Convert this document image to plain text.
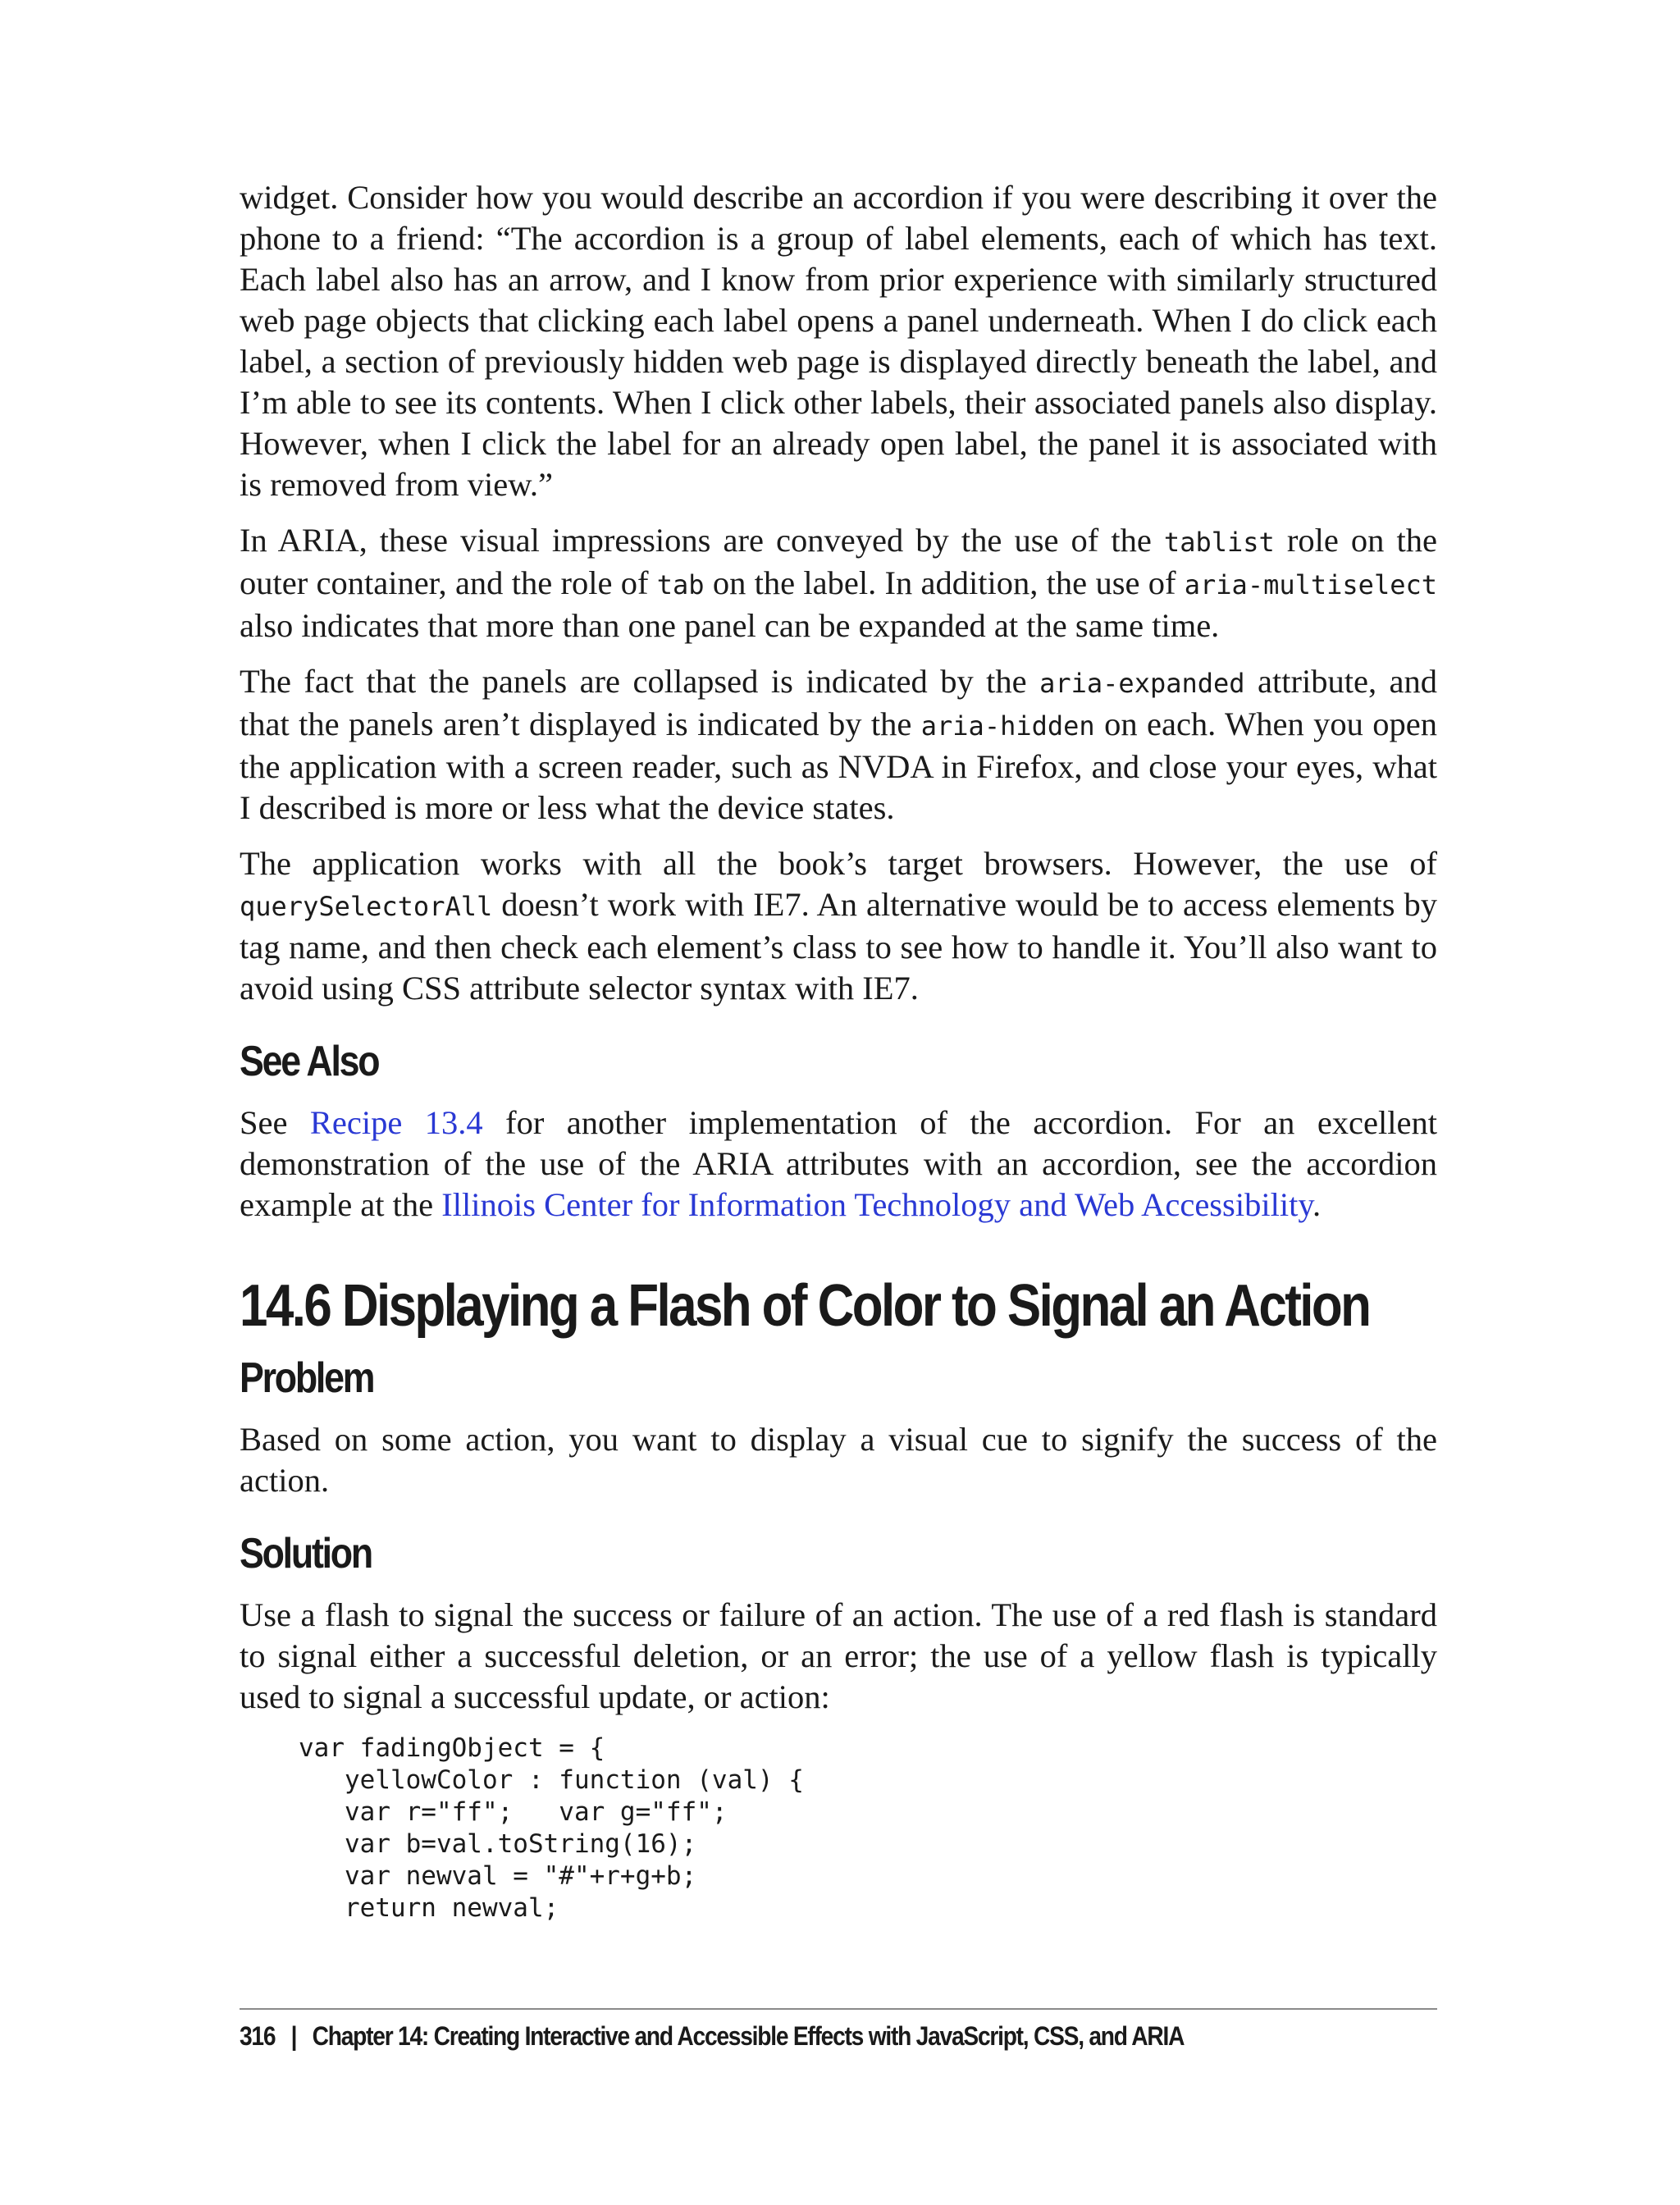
widget. Consider how you would describe an accordion if you were describing it over the phone to a friend: “The accordion is a group of label elements, each of which has text. Each label also has an arrow, and I know from prior experience with similarly structured web page objects that clicking each label opens a panel underneath. When I do click each label, a section of previously hidden web page is displayed directly beneath the label, and I’m able to see its contents. When I click other labels, their associated panels also display. However, when I click the label for an already open label, the panel it is associated with is removed from view.”

In ARIA, these visual impressions are conveyed by the use of the tablist role on the outer container, and the role of tab on the label. In addition, the use of aria-multiselect also indicates that more than one panel can be expanded at the same time.

The fact that the panels are collapsed is indicated by the aria-expanded attribute, and that the panels aren’t displayed is indicated by the aria-hidden on each. When you open the application with a screen reader, such as NVDA in Firefox, and close your eyes, what I described is more or less what the device states.

The application works with all the book’s target browsers. However, the use of querySelectorAll doesn’t work with IE7. An alternative would be to access elements by tag name, and then check each element’s class to see how to handle it. You’ll also want to avoid using CSS attribute selector syntax with IE7.

See Also

See Recipe 13.4 for another implementation of the accordion. For an excellent demonstration of the use of the ARIA attributes with an accordion, see the accordion example at the Illinois Center for Information Technology and Web Accessibility.

14.6 Displaying a Flash of Color to Signal an Action
Problem

Based on some action, you want to display a visual cue to signify the success of the action.

Solution

Use a flash to signal the success or failure of an action. The use of a red flash is standard to signal either a successful deletion, or an error; the use of a yellow flash is typically used to signal a successful update, or action:

var fadingObject = {
yellowColor : function (val) {
var r="ff";   var g="ff";
var b=val.toString(16);
var newval = "#"+r+g+b;
return newval;
316 | Chapter 14: Creating Interactive and Accessible Effects with JavaScript, CSS, and ARIA
